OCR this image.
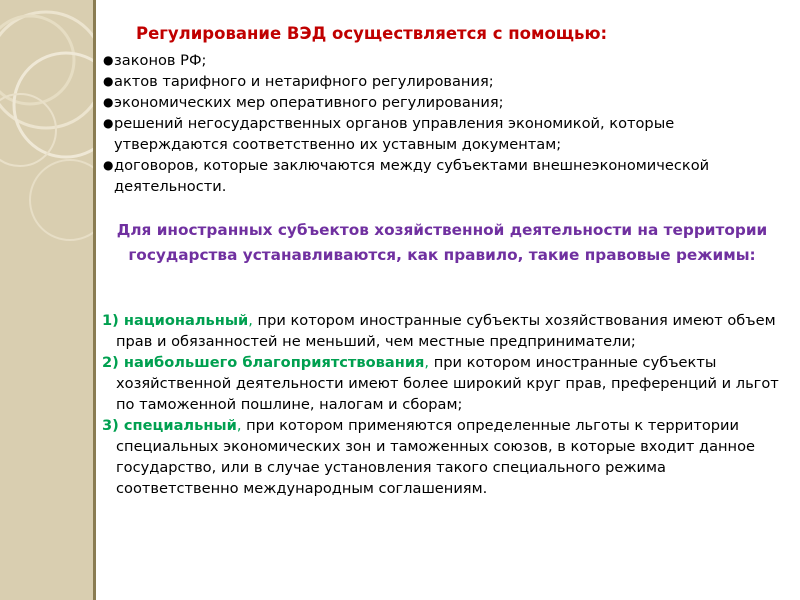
Регулирование ВЭД осуществляется с помощью:
● законов РФ;
● актов тарифного и нетарифного регулирования;
● экономических мер оперативного регулирования;
● решений негосударственных органов управления экономикой, которые утверждаются соответственно их уставным документам;
● договоров, которые заключаются между субъектами внешнеэкономической деятельности.
Для иностранных субъектов хозяйственной деятельности на территории государства устанавливаются, как правило, такие правовые режимы:

1) национальный, при котором иностранные субъекты хозяйствования имеют объем прав и обязанностей не меньший, чем местные предприниматели;

2) наибольшего благоприятствования, при котором иностранные субъекты хозяйственной деятельности имеют более широкий круг прав, преференций и льгот по таможенной пошлине, налогам и сборам;

3) специальный, при котором применяются определенные льготы к территории специальных экономических зон и таможенных союзов, в которые входит данное государство, или в случае установления такого специального режима соответственно международным соглашениям.
